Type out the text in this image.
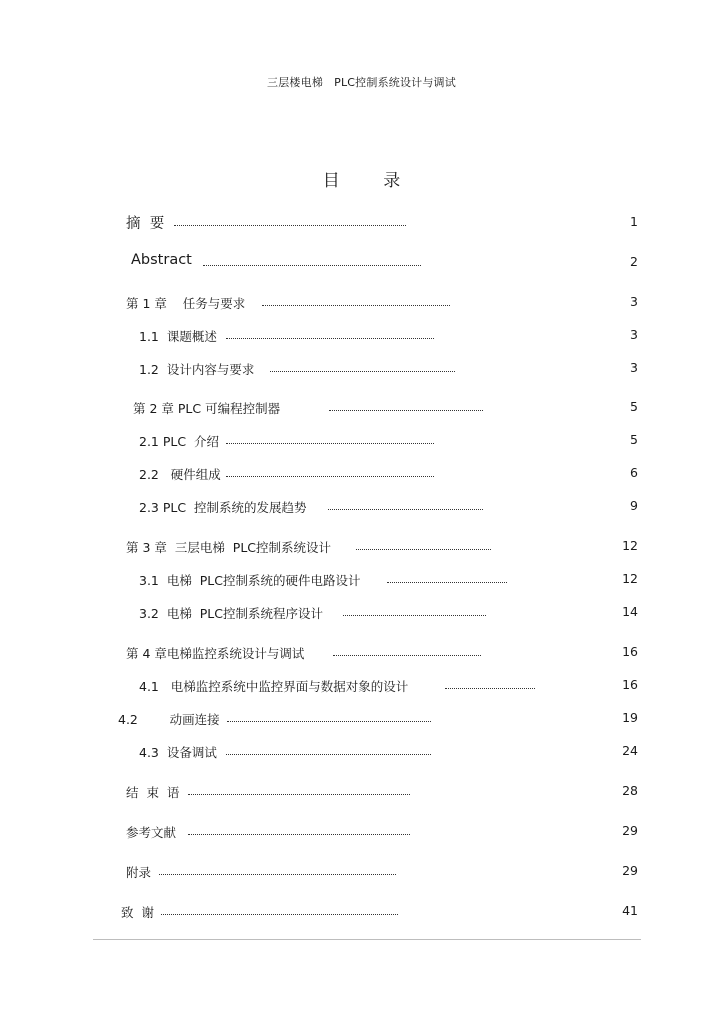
三层楼电梯   PLC控制系统设计与调试
目 录
摘  要	1
Abstract	2
第 1 章    任务与要求	3
1.1  课题概述	3
1.2  设计内容与要求	3
第 2 章 PLC 可编程控制器	5
2.1 PLC  介绍	5
2.2   硬件组成	6
2.3 PLC  控制系统的发展趋势	9
第 3 章  三层电梯  PLC控制系统设计	12
3.1  电梯  PLC控制系统的硬件电路设计	12
3.2  电梯  PLC控制系统程序设计	14
第 4 章电梯监控系统设计与调试	16
4.1   电梯监控系统中监控界面与数据对象的设计	16
4.2        动画连接	19
4.3  设备调试	24
结  束  语	28
参考文献	29
附录	29
致  谢	41
